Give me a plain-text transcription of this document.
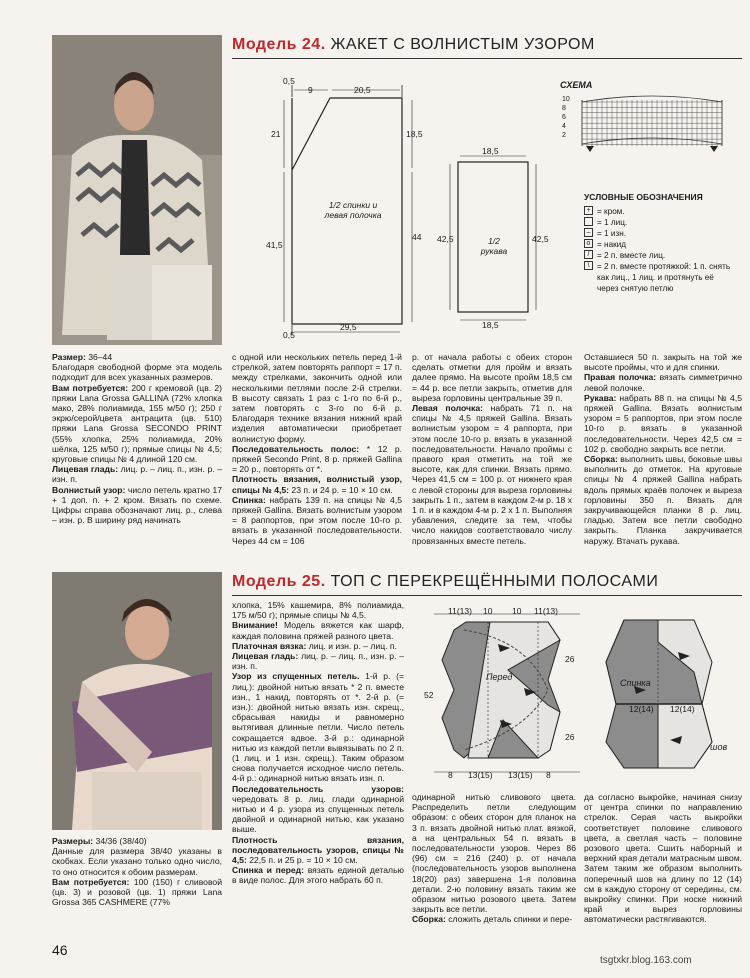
Модель 24. ЖАКЕТ С ВОЛНИСТЫМ УЗОРОМ
0,5
9	20,5
21	18,5
41,5
44
29,5
0,5
1/2 спинки и левая полочка
18,5
42,5	42,5
18,5
1/2 рукава
СХЕМА
10
8
6
4
2
УСЛОВНЫЕ ОБОЗНАЧЕНИЯ
+ = кром.
= 1 лиц.
– = 1 изн.
o = накид
/ = 2 п. вместе лиц.
\ = 2 п. вместе протяжкой: 1 п. снять как лиц., 1 лиц. и протянуть её через снятую петлю

Размер: 36–44

Благодаря свободной форме эта модель подходит для всех указанных размеров.

Вам потребуется: 200 г кремовой (цв. 2) пряжи Lana Grossa GALLINA (72% хлопка мако, 28% полиамида, 155 м/50 г); 250 г экрю/серой/цвета антрацита (цв. 510) пряжи Lana Grossa SECONDO PRINT (55% хлопка, 25% полиамида, 20% шёлка, 125 м/50 г); прямые спицы № 4,5; круговые спицы № 4 длиной 120 см.

Лицевая гладь: лиц. р. – лиц. п., изн. р. – изн. п.

Волнистый узор: число петель кратно 17 + 1 доп. п. + 2 кром. Вязать по схеме. Цифры справа обозначают лиц. р., слева – изн. р. В ширину ряд начинать

с одной или нескольких петель перед 1-й стрелкой, затем повторять раппорт = 17 п. между стрелками, закончить одной или несколькими петлями после 2-й стрелки. В высоту связать 1 раз с 1-го по 6-й р., затем повторять с 3-го по 6-й р. Благодаря технике вязания нижний край изделия автоматически приобретает волнистую форму.

Последовательность полос: * 12 р. пряжей Secondo Print, 8 р. пряжей Gallina = 20 р., повторять от *.

Плотность вязания, волнистый узор, спицы № 4,5: 23 п. и 24 р. = 10 × 10 см.

Спинка: набрать 139 п. на спицы № 4,5 пряжей Gallina. Вязать волнистым узором = 8 раппортов, при этом после 10-го р. вязать в указанной последовательности. Через 44 см = 106

р. от начала работы с обеих сторон сделать отметки для пройм и вязать далее прямо. На высоте пройм 18,5 см = 44 р. все петли закрыть, отметив для выреза горловины центральные 39 п.

Левая полочка: набрать 71 п. на спицы № 4,5 пряжей Gallina. Вязать волнистым узором = 4 раппорта, при этом после 10-го р. вязать в указанной последовательности. Начало проймы с правого края отметить на той же высоте, как для спинки. Вязать прямо. Через 41,5 см = 100 р. от нижнего края с левой стороны для выреза горловины закрыть 1 п., затем в каждом 2-м р. 18 х 1 п. и в каждом 4-м р. 2 х 1 п. Выполняя убавления, следите за тем, чтобы число накидов соответствовало числу провязанных вместе петель.

Оставшиеся 50 п. закрыть на той же высоте проймы, что и для спинки.

Правая полочка: вязать симметрично левой полочке.

Рукава: набрать 88 п. на спицы № 4,5 пряжей Gallina. Вязать волнистым узором = 5 раппортов, при этом после 10-го р. вязать в указанной последовательности. Через 42,5 см = 102 р. свободно закрыть все петли.

Сборка: выполнить швы, боковые швы выполнить до отметок. На круговые спицы № 4 пряжей Gallina набрать вдоль прямых краёв полочек и выреза горловины 350 п. Вязать для закручивающейся планки 8 р. лиц. гладью. Затем все петли свободно закрыть. Планка закручивается наружу. Втачать рукава.

Модель 25. ТОП С ПЕРЕКРЕЩЁННЫМИ ПОЛОСАМИ
11(13) 10 10 11(13)
26
26
52
8 13(15) 13(15) 8
Перед
Спинка
12(14) 12(14)
шов

Размеры: 34/36 (38/40)

Данные для размера 38/40 указаны в скобках. Если указано только одно число, то оно относится к обоим размерам.

Вам потребуется: 100 (150) г сливовой (цв. 3) и розовой (цв. 1) пряжи Lana Grossa 365 CASHMERE (77%

хлопка, 15% кашемира, 8% полиамида, 175 м/50 г); прямые спицы № 4,5.

Внимание! Модель вяжется как шарф, каждая половина пряжей разного цвета.

Платочная вязка: лиц. и изн. р. – лиц. п.

Лицевая гладь: лиц. р. – лиц. п., изн. р. – изн. п.

Узор из спущенных петель. 1-й р. (= лиц.): двойной нитью вязать * 2 п. вместе изн., 1 накид, повторять от *. 2-й р. (= изн.): двойной нитью вязать изн. скрещ., сбрасывая накиды и равномерно вытягивая длинные петли. Число петель сокращается вдвое. 3-й р.: одинарной нитью из каждой петли вывязывать по 2 п. (1 лиц. и 1 изн. скрещ.). Таким образом снова получается исходное число петель. 4-й р.: одинарной нитью вязать изн. п.

Последовательность узоров: чередовать 8 р. лиц. глади одинарной нитью и 4 р. узора из спущенных петель двойной и одинарной нитью, как указано выше.

Плотность вязания, последовательность узоров, спицы № 4,5: 22,5 п. и 25 р. = 10 × 10 см.

Спинка и перед: вязать единой деталью в виде полос. Для этого набрать 60 п.

одинарной нитью сливового цвета. Распределить петли следующим образом: с обеих сторон для планок на 3 п. вязать двойной нитью плат. вязкой, а на центральных 54 п. вязать в последовательности узоров. Через 86 (96) см = 216 (240) р. от начала (последовательность узоров выполнена 18(20) раз) завершена 1-я половина детали. 2-ю половину вязать таким же образом нитью розового цвета. Затем закрыть все петли.

Сборка: сложить деталь спинки и пере-

да согласно выкройке, начиная снизу от центра спинки по направлению стрелок. Серая часть выкройки соответствует половине сливового цвета, а светлая часть – половине розового цвета. Сшить наборный и верхний края детали матрасным швом. Затем таким же образом выполнить поперечный шов на длину по 12 (14) см в каждую сторону от середины, см. выкройку спинки. При носке нижний край и вырез горловины автоматически растягиваются.

46
tsgtxkr.blog.163.com
